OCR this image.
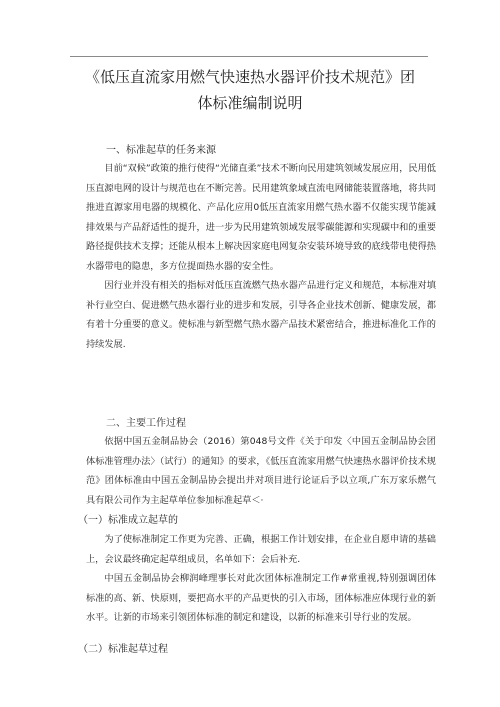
《低压直流家用燃气快速热水器评价技术规范》团
体标准编制说明
一、标准起草的任务来源

目前“双候”政策的推行使得“光储直柔”技术不断向民用建筑领域发展应用，民用低压直源电网的设计与规范也在不断完善。民用建筑象域直流电网储能装置落地，将共同推进直源家用电器的规模化、产品化应用0低压直流家用燃气热水器不仅能实现节能减排效果与产品舒适性的提升，进一步为民用建筑领域发展零碳能源和实现碳中和的重要路径提供技术支撑；还能从根本上解决因家庭电网复杂安装环境导致的底线带电使得热水器带电的隐患，多方位提面热水器的安全性。

因行业并没有相关的指标对低压直流燃气热水器产品进行定义和规范，本标准对填补行业空白、促进燃气热水器行业的进步和发展，引导各企业技术创新、健康发展，都有着十分重要的意义。使标准与新型燃气热水器产品技术紧密结合，推进标准化工作的持续发展.

二、主要工作过程

依据中国五金制品协会（2016）第048号文件《关于印发〈中国五金制品协会团体标准管理办法〉（试行）的通知》的要求，《低压直流家用燃气快速热水器评价技术规范》团体标准由中国五金制品协会提出并对项目进行论证后予以立项,广东万家乐燃气具有限公司作为主起草单位参加标准起草＜·

（一）标准成立起草的

为了使标准制定工作更为完善、正确，根据工作计划安排，在企业自愿申请的基础上，会议最终确定起草组成员，名单如下：会后补充.

中国五金制品协会柳润峰理事长对此次团体标准制定工作#常重视,特别强调团体标准的高、新、快原则，要把高水平的产品更快的引入市场，团体标准应体现行业的新水平。让新的市场来引领团体标准的制定和建设，以新的标准来引导行业的发展。

（二）标准起草过程
